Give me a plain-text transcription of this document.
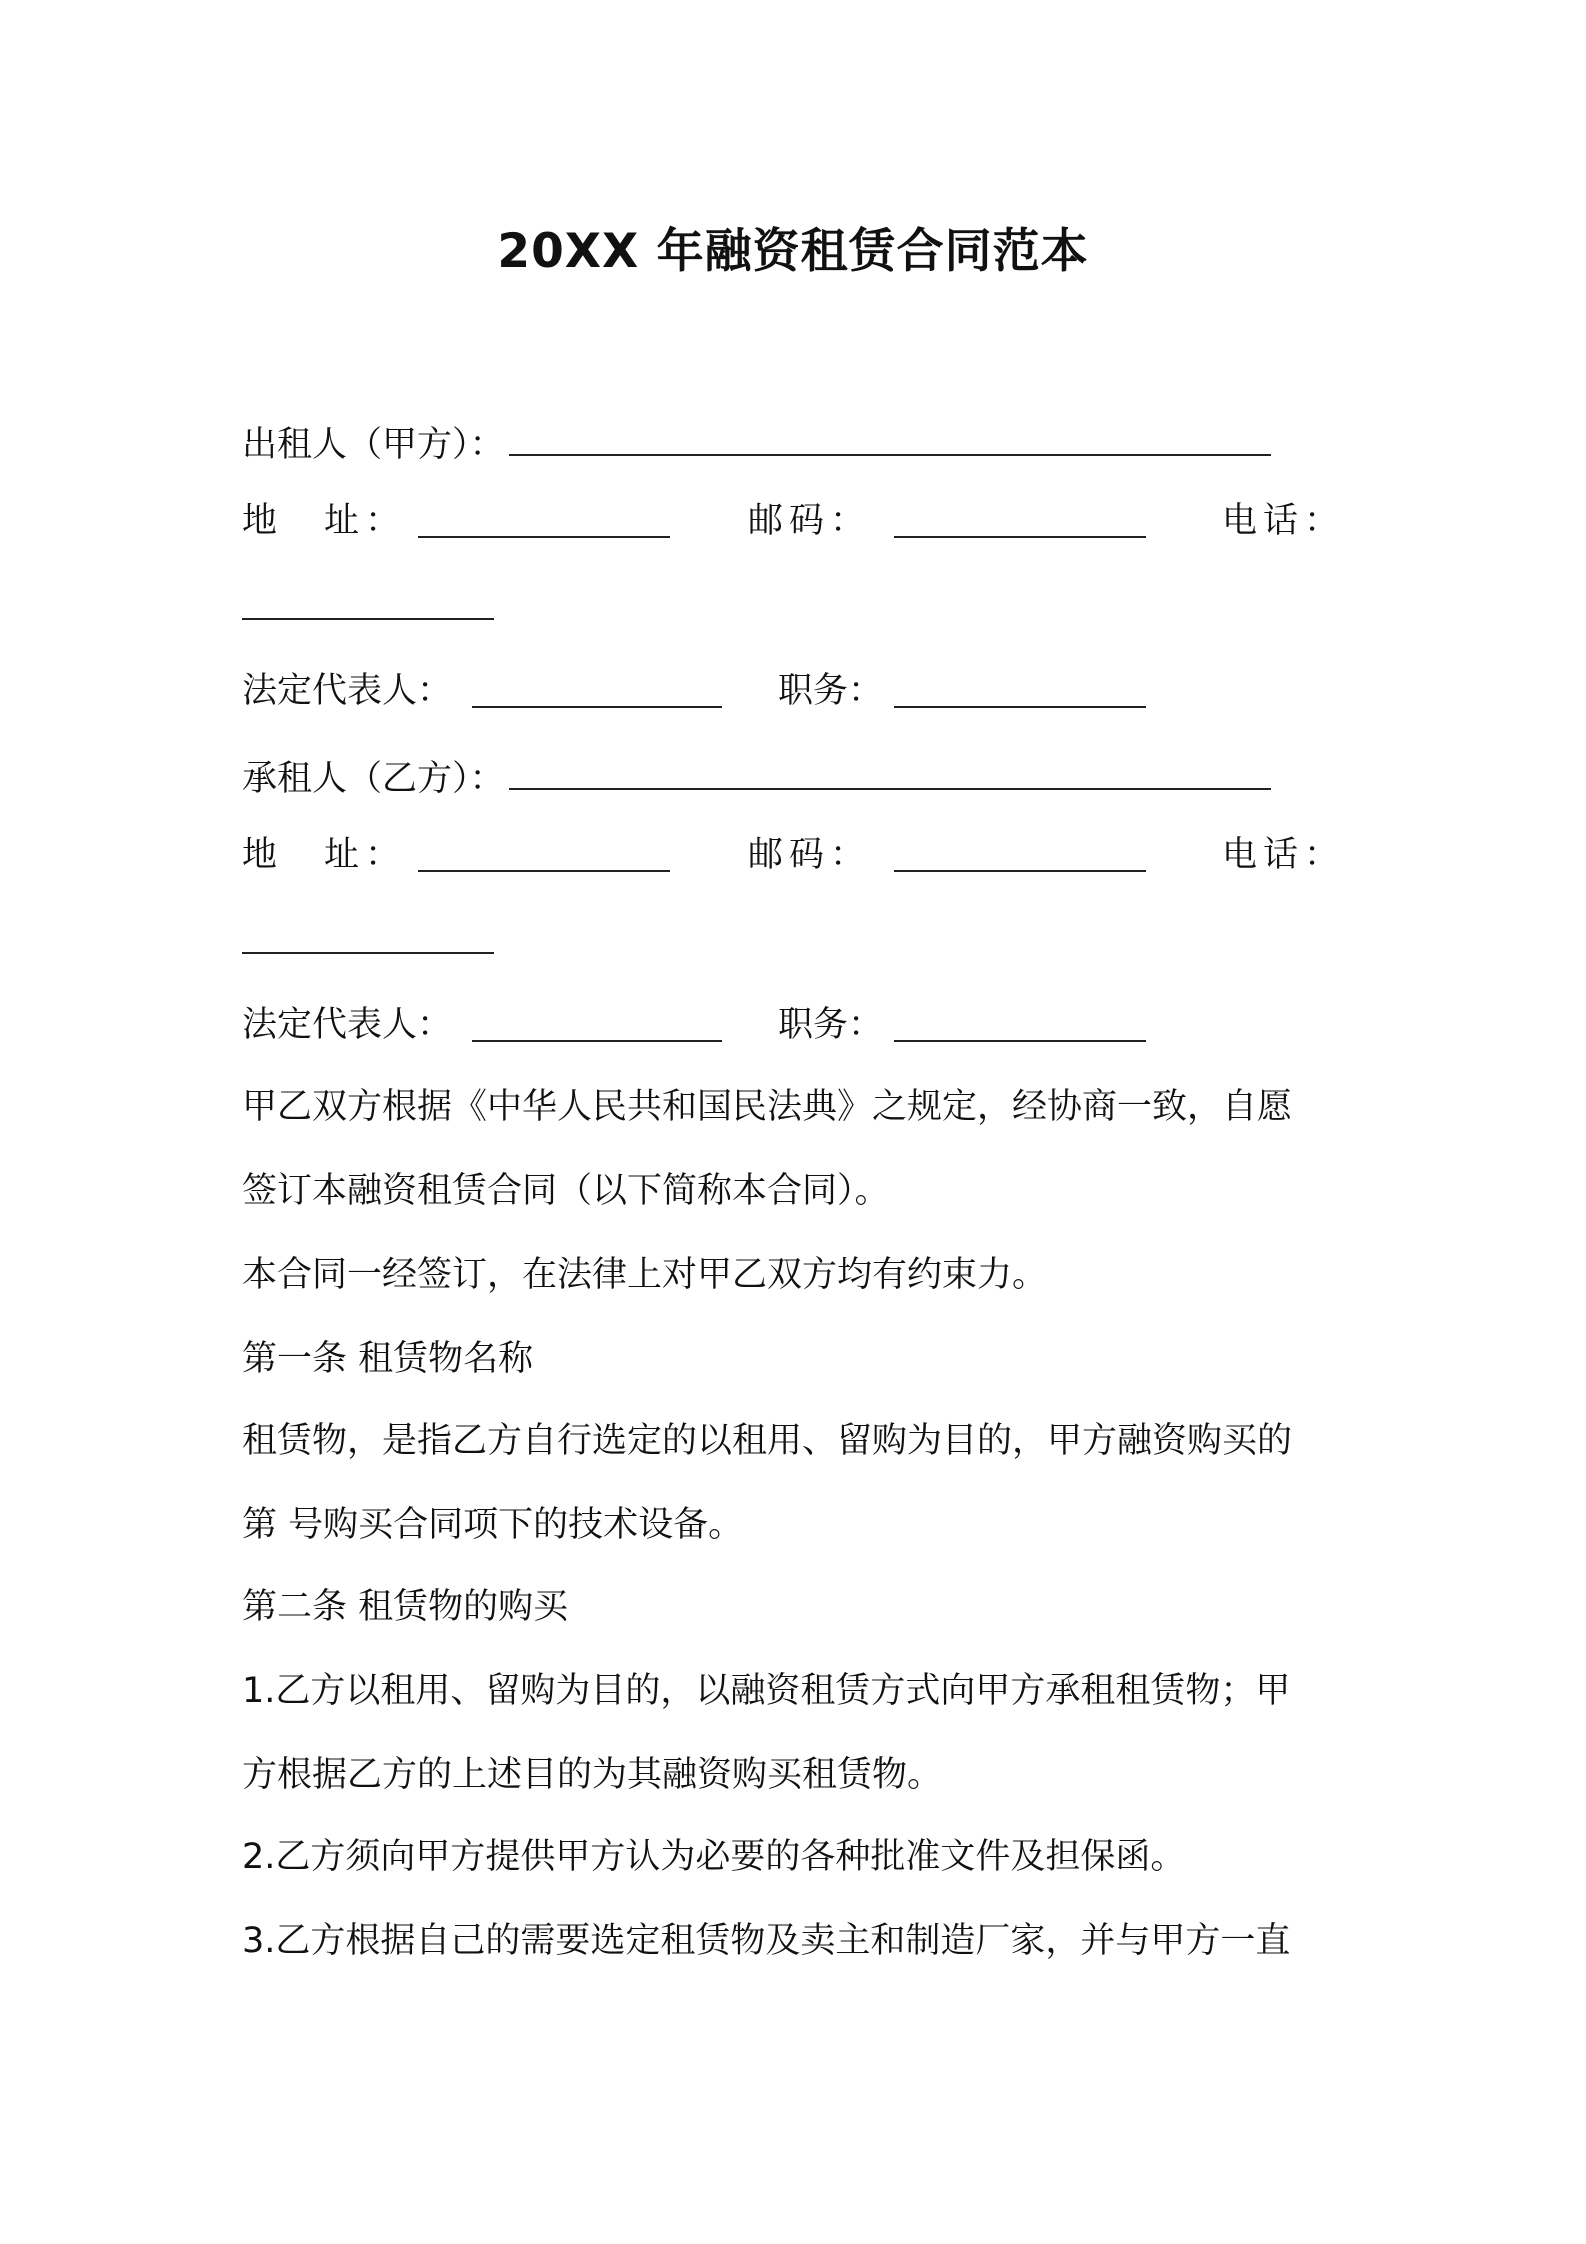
20XX 年融资租赁合同范本
出租人（甲方）：
地　址：	邮码：	电话：
法定代表人：	职务：
承租人（乙方）：
地　址：	邮码：	电话：
法定代表人：	职务：
甲乙双方根据《中华人民共和国民法典》之规定，经协商一致，自愿
签订本融资租赁合同（以下简称本合同）。
本合同一经签订，在法律上对甲乙双方均有约束力。
第一条 租赁物名称
租赁物，是指乙方自行选定的以租用、留购为目的，甲方融资购买的
第 号购买合同项下的技术设备。
第二条 租赁物的购买
1.乙方以租用、留购为目的，以融资租赁方式向甲方承租租赁物；甲
方根据乙方的上述目的为其融资购买租赁物。
2.乙方须向甲方提供甲方认为必要的各种批准文件及担保函。
3.乙方根据自己的需要选定租赁物及卖主和制造厂家，并与甲方一直
